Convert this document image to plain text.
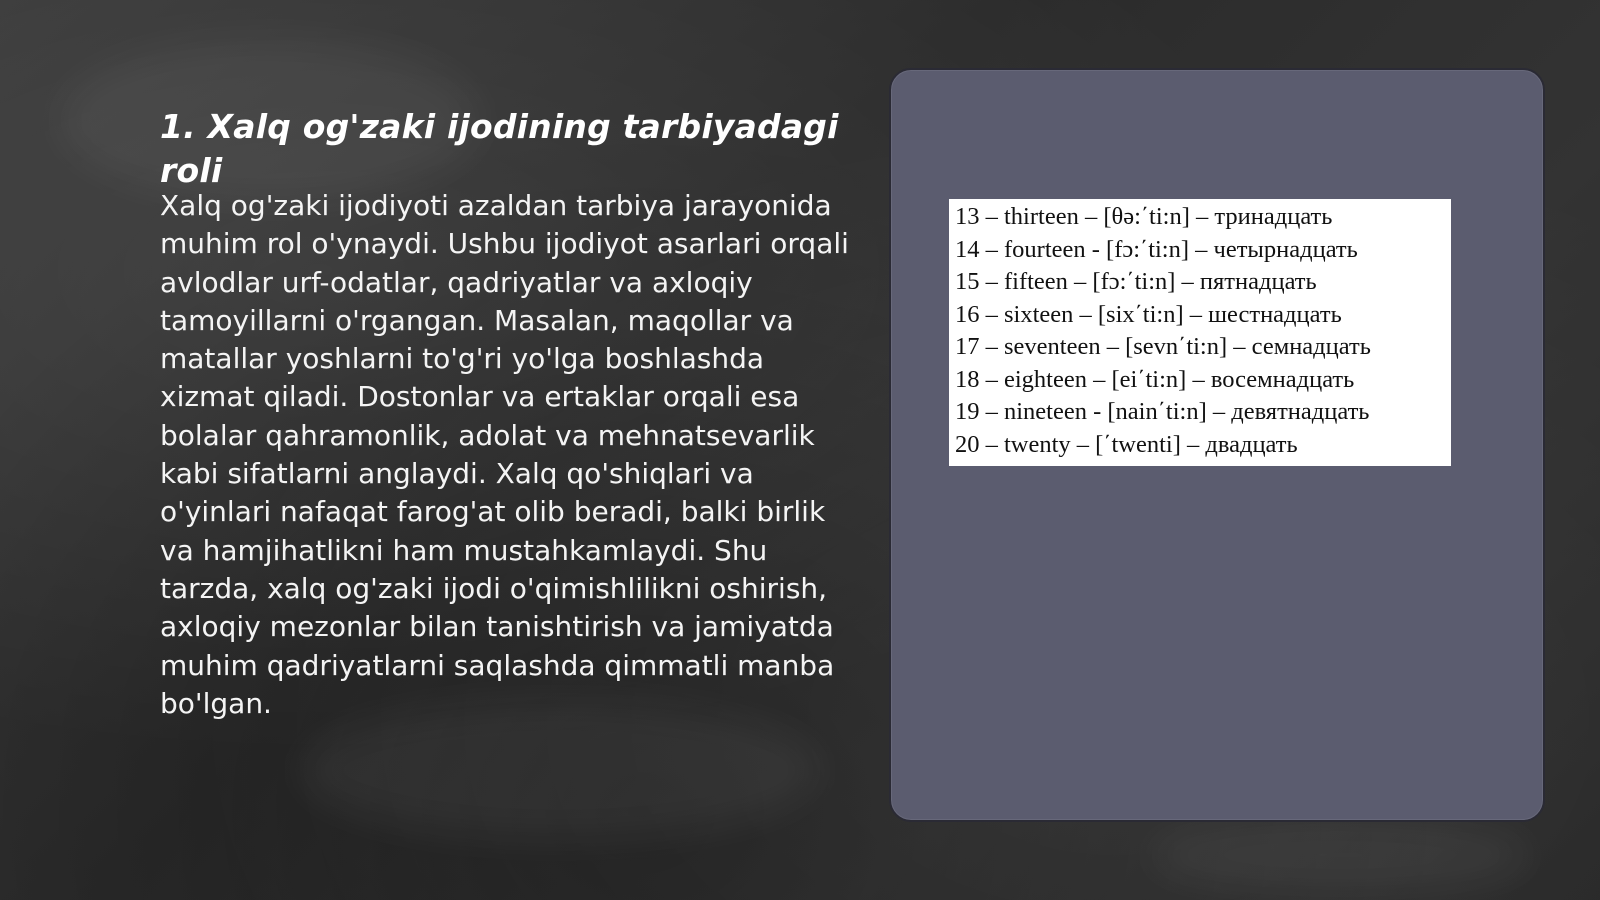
1. Xalq og'zaki ijodining tarbiyadagi roli

Xalq og'zaki ijodiyoti azaldan tarbiya jarayonida muhim rol o'ynaydi. Ushbu ijodiyot asarlari orqali avlodlar urf-odatlar, qadriyatlar va axloqiy tamoyillarni o'rgangan. Masalan, maqollar va matallar yoshlarni to'g'ri yo'lga boshlashda xizmat qiladi. Dostonlar va ertaklar orqali esa bolalar qahramonlik, adolat va mehnatsevarlik kabi sifatlarni anglaydi. Xalq qo'shiqlari va o'yinlari nafaqat farog'at olib beradi, balki birlik va hamjihatlikni ham mustahkamlaydi. Shu tarzda, xalq og'zaki ijodi o'qimishlilikni oshirish, axloqiy mezonlar bilan tanishtirish va jamiyatda muhim qadriyatlarni saqlashda qimmatli manba bo'lgan.

13 – thirteen – [θə:΄ti:n] – тринадцать
14 – fourteen - [fɔ:΄ti:n] – четырнадцать
15 – fifteen – [fɔ:΄ti:n] – пятнадцать
16 – sixteen – [six΄ti:n] – шестнадцать
17 – seventeen – [sevn΄ti:n] – семнадцать
18 – eighteen – [ei΄ti:n] – восемнадцать
19 – nineteen - [nain΄ti:n] – девятнадцать
20 – twenty – [΄twenti] – двадцать
